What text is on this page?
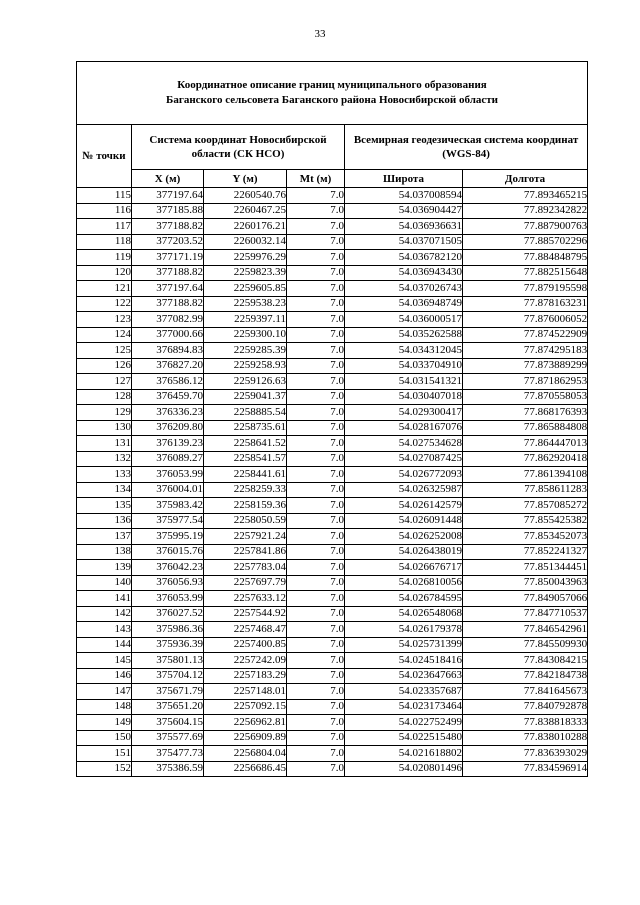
33
Координатное описание границ муниципального образования
Баганского сельсовета Баганского района Новосибирской области					

№ точки	Система координат Новосибирской области (СК НСО)			Всемирная геодезическая система координат (WGS-84)	
	X (м)	Y (м)	Mt (м)	Широта	Долгота
115	377197.64	2260540.76	7.0	54.037008594	77.893465215
116	377185.88	2260467.25	7.0	54.036904427	77.892342822
117	377188.82	2260176.21	7.0	54.036936631	77.887900763
118	377203.52	2260032.14	7.0	54.037071505	77.885702296
119	377171.19	2259976.29	7.0	54.036782120	77.884848795
120	377188.82	2259823.39	7.0	54.036943430	77.882515648
121	377197.64	2259605.85	7.0	54.037026743	77.879195598
122	377188.82	2259538.23	7.0	54.036948749	77.878163231
123	377082.99	2259397.11	7.0	54.036000517	77.876006052
124	377000.66	2259300.10	7.0	54.035262588	77.874522909
125	376894.83	2259285.39	7.0	54.034312045	77.874295183
126	376827.20	2259258.93	7.0	54.033704910	77.873889299
127	376586.12	2259126.63	7.0	54.031541321	77.871862953
128	376459.70	2259041.37	7.0	54.030407018	77.870558053
129	376336.23	2258885.54	7.0	54.029300417	77.868176393
130	376209.80	2258735.61	7.0	54.028167076	77.865884808
131	376139.23	2258641.52	7.0	54.027534628	77.864447013
132	376089.27	2258541.57	7.0	54.027087425	77.862920418
133	376053.99	2258441.61	7.0	54.026772093	77.861394108
134	376004.01	2258259.33	7.0	54.026325987	77.858611283
135	375983.42	2258159.36	7.0	54.026142579	77.857085272
136	375977.54	2258050.59	7.0	54.026091448	77.855425382
137	375995.19	2257921.24	7.0	54.026252008	77.853452073
138	376015.76	2257841.86	7.0	54.026438019	77.852241327
139	376042.23	2257783.04	7.0	54.026676717	77.851344451
140	376056.93	2257697.79	7.0	54.026810056	77.850043963
141	376053.99	2257633.12	7.0	54.026784595	77.849057066
142	376027.52	2257544.92	7.0	54.026548068	77.847710537
143	375986.36	2257468.47	7.0	54.026179378	77.846542961
144	375936.39	2257400.85	7.0	54.025731399	77.845509930
145	375801.13	2257242.09	7.0	54.024518416	77.843084215
146	375704.12	2257183.29	7.0	54.023647663	77.842184738
147	375671.79	2257148.01	7.0	54.023357687	77.841645673
148	375651.20	2257092.15	7.0	54.023173464	77.840792878
149	375604.15	2256962.81	7.0	54.022752499	77.838818333
150	375577.69	2256909.89	7.0	54.022515480	77.838010288
151	375477.73	2256804.04	7.0	54.021618802	77.836393029
152	375386.59	2256686.45	7.0	54.020801496	77.834596914
